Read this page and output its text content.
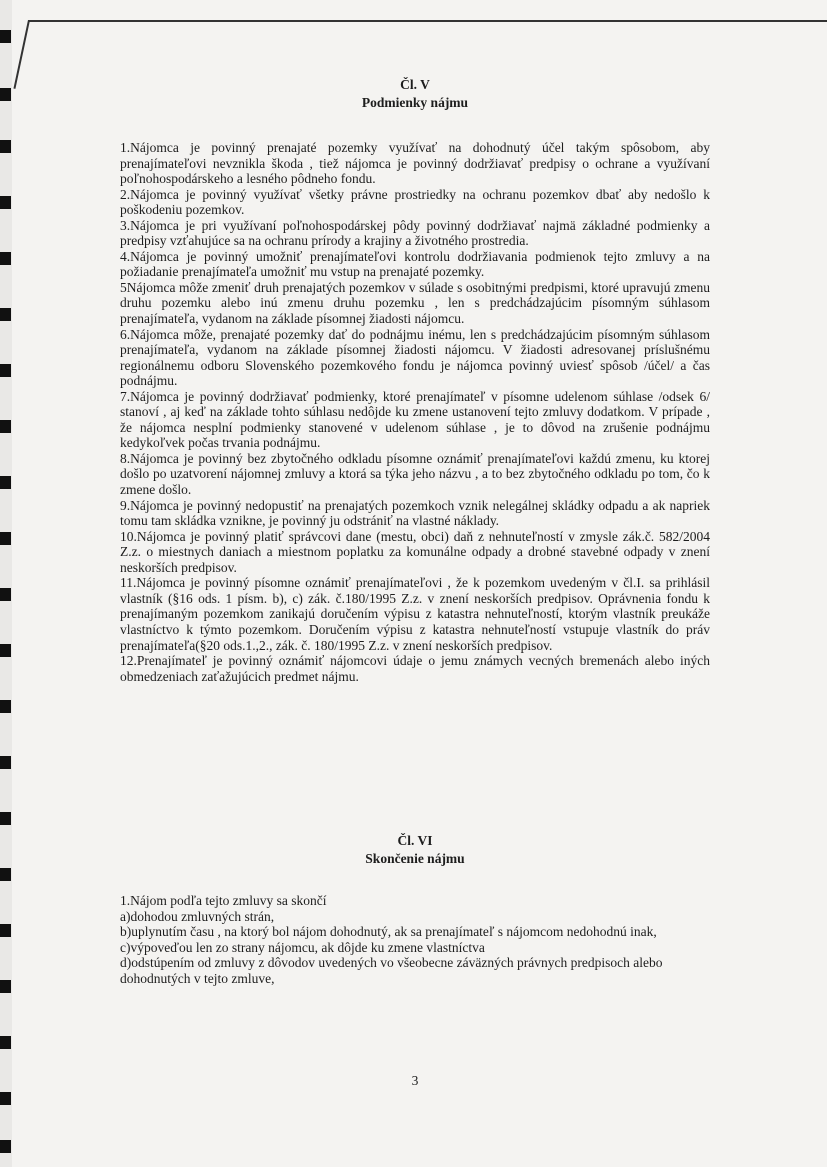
Čl. V
Podmienky nájmu

1.Nájomca je povinný prenajaté pozemky využívať na dohodnutý účel takým spôsobom, aby prenajímateľovi nevznikla škoda , tiež nájomca je povinný dodržiavať predpisy o ochrane a využívaní poľnohospodárskeho a lesného pôdneho fondu.

2.Nájomca je povinný využívať všetky právne prostriedky na ochranu pozemkov dbať aby nedošlo k poškodeniu pozemkov.

3.Nájomca je pri využívaní poľnohospodárskej pôdy povinný dodržiavať najmä základné podmienky a predpisy vzťahujúce sa na ochranu prírody a krajiny a životného prostredia.

4.Nájomca je povinný umožniť prenajímateľovi kontrolu dodržiavania podmienok tejto zmluvy a na požiadanie prenajímateľa umožniť mu vstup na prenajaté pozemky.

5Nájomca môže zmeniť druh prenajatých pozemkov v súlade s osobitnými predpismi, ktoré upravujú zmenu druhu pozemku alebo inú zmenu druhu pozemku , len s predchádzajúcim písomným súhlasom prenajímateľa, vydanom na základe písomnej žiadosti nájomcu.

6.Nájomca môže, prenajaté pozemky dať do podnájmu inému, len s predchádzajúcim písomným súhlasom prenajímateľa, vydanom na základe písomnej žiadosti nájomcu. V žiadosti adresovanej príslušnému regionálnemu odboru Slovenského pozemkového fondu je nájomca povinný uviesť spôsob /účel/ a čas podnájmu.

7.Nájomca je povinný dodržiavať podmienky, ktoré prenajímateľ v písomne udelenom súhlase /odsek 6/ stanoví , aj keď na základe tohto súhlasu nedôjde ku zmene ustanovení tejto zmluvy dodatkom. V prípade , že nájomca nesplní podmienky stanovené v udelenom súhlase , je to dôvod na zrušenie podnájmu kedykoľvek počas trvania podnájmu.

8.Nájomca je povinný bez zbytočného odkladu písomne oznámiť prenajímateľovi každú zmenu, ku ktorej došlo po uzatvorení nájomnej zmluvy a ktorá sa týka jeho názvu , a to bez zbytočného odkladu po tom, čo k zmene došlo.

9.Nájomca je povinný nedopustiť na prenajatých pozemkoch vznik nelegálnej skládky odpadu a ak napriek tomu tam skládka vznikne, je povinný ju odstrániť na vlastné náklady.

10.Nájomca je povinný platiť správcovi dane (mestu, obci) daň z nehnuteľností v zmysle zák.č. 582/2004 Z.z. o miestnych daniach a miestnom poplatku za komunálne odpady a drobné stavebné odpady v znení neskorších predpisov.

11.Nájomca je povinný písomne oznámiť prenajímateľovi , že k pozemkom uvedeným v čl.I. sa prihlásil vlastník (§16 ods. 1 písm. b), c) zák. č.180/1995 Z.z. v znení neskorších predpisov. Oprávnenia fondu k prenajímaným pozemkom zanikajú doručením výpisu z katastra nehnuteľností, ktorým vlastník preukáže vlastníctvo k týmto pozemkom. Doručením výpisu z katastra nehnuteľností vstupuje vlastník do práv prenajímateľa(§20 ods.1.,2., zák. č. 180/1995 Z.z. v znení neskorších predpisov.

12.Prenajímateľ je povinný oznámiť nájomcovi údaje o jemu známych vecných bremenách alebo iných obmedzeniach zaťažujúcich predmet nájmu.

Čl. VI
Skončenie nájmu

1.Nájom podľa tejto zmluvy sa skončí

a)dohodou zmluvných strán,

b)uplynutím času , na ktorý bol nájom dohodnutý, ak sa prenajímateľ s nájomcom nedohodnú inak,

c)výpoveďou len zo strany nájomcu, ak dôjde ku zmene vlastníctva

d)odstúpením od zmluvy z dôvodov uvedených vo všeobecne záväzných právnych predpisoch alebo dohodnutých v tejto zmluve,

3
